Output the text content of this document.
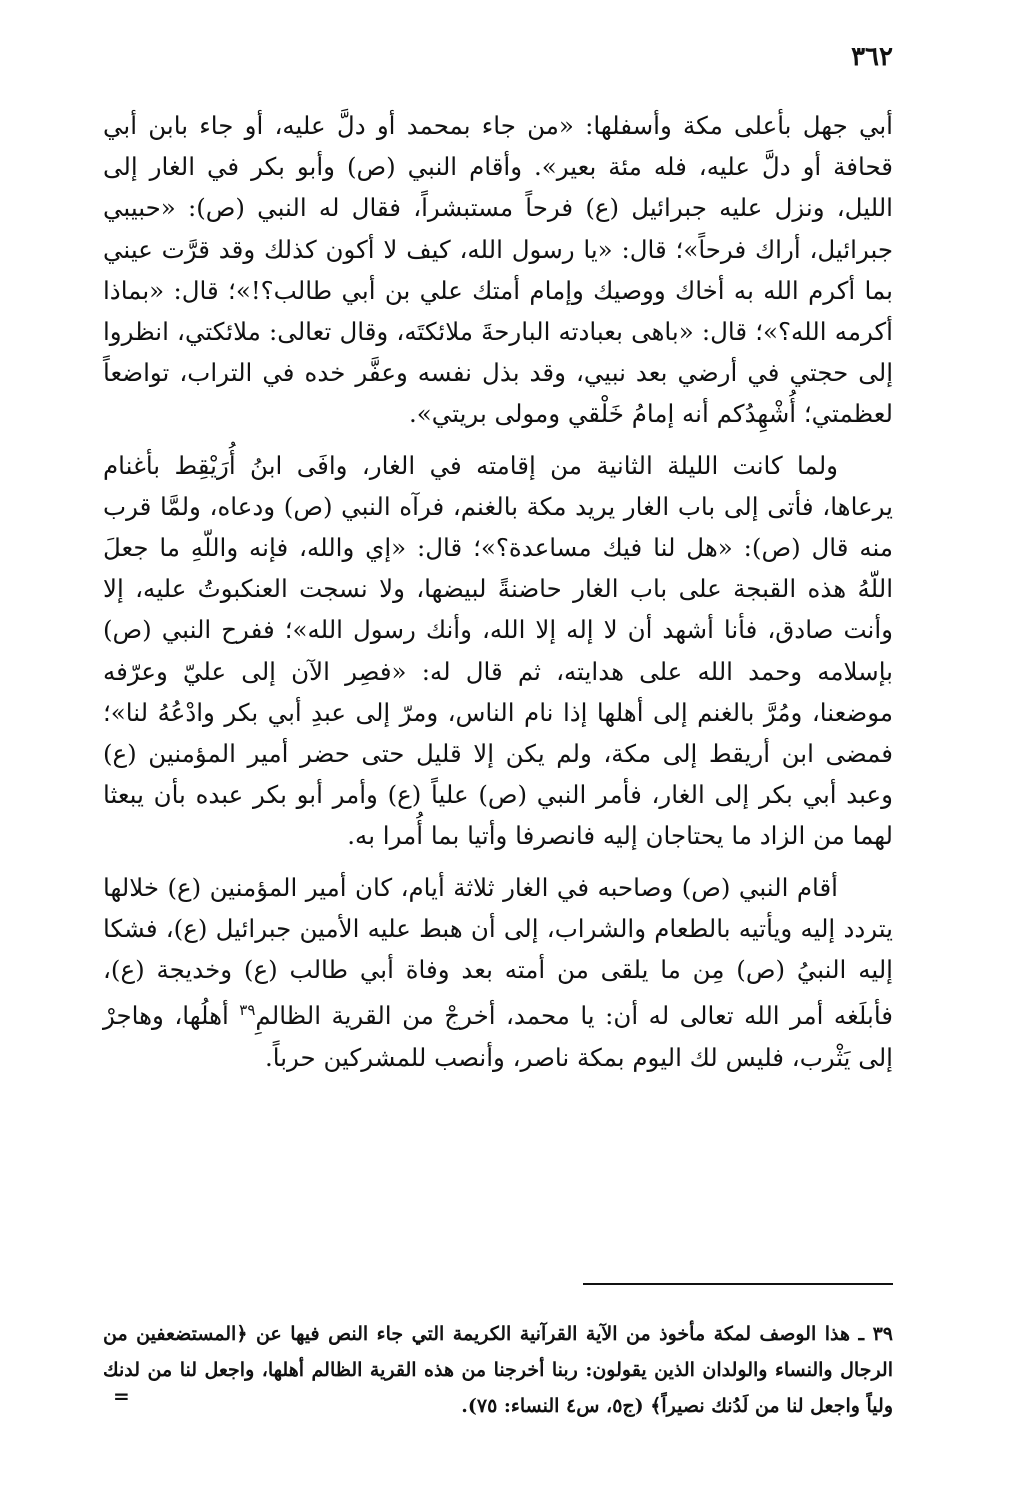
٣٦٢

أبي جهل بأعلى مكة وأسفلها: «من جاء بمحمد أو دلَّ عليه، أو جاء بابن أبي قحافة أو دلَّ عليه، فله مئة بعير». وأقام النبي (ص) وأبو بكر في الغار إلى الليل، ونزل عليه جبرائيل (ع) فرحاً مستبشراً، فقال له النبي (ص): «حبيبي جبرائيل، أراك فرحاً»؛ قال: «يا رسول الله، كيف لا أكون كذلك وقد قرَّت عيني بما أكرم الله به أخاك ووصيك وإمام أمتك علي بن أبي طالب؟!»؛ قال: «بماذا أكرمه الله؟»؛ قال: «باهى بعبادته البارحةَ ملائكتَه، وقال تعالى: ملائكتي، انظروا إلى حجتي في أرضي بعد نبيي، وقد بذل نفسه وعفَّر خده في التراب، تواضعاً لعظمتي؛ أُشْهِدُكم أنه إمامُ خَلْقي ومولى بريتي».

ولما كانت الليلة الثانية من إقامته في الغار، وافَى ابنُ أُرَيْقِط بأغنام يرعاها، فأتى إلى باب الغار يريد مكة بالغنم، فرآه النبي (ص) ودعاه، ولمَّا قرب منه قال (ص): «هل لنا فيك مساعدة؟»؛ قال: «إي والله، فإنه واللّهِ ما جعلَ اللّهُ هذه القبجة على باب الغار حاضنةً لبيضها، ولا نسجت العنكبوتُ عليه، إلا وأنت صادق، فأنا أشهد أن لا إله إلا الله، وأنك رسول الله»؛ ففرح النبي (ص) بإسلامه وحمد الله على هدايته، ثم قال له: «فصِر الآن إلى عليّ وعرّفه موضعنا، ومُرَّ بالغنم إلى أهلها إذا نام الناس، ومرّ إلى عبدِ أبي بكر وادْعُهُ لنا»؛ فمضى ابن أريقط إلى مكة، ولم يكن إلا قليل حتى حضر أمير المؤمنين (ع) وعبد أبي بكر إلى الغار، فأمر النبي (ص) علياً (ع) وأمر أبو بكر عبده بأن يبعثا لهما من الزاد ما يحتاجان إليه فانصرفا وأتيا بما أُمرا به.

أقام النبي (ص) وصاحبه في الغار ثلاثة أيام، كان أمير المؤمنين (ع) خلالها يتردد إليه ويأتيه بالطعام والشراب، إلى أن هبط عليه الأمين جبرائيل (ع)، فشكا إليه النبيُ (ص) مِن ما يلقى من أمته بعد وفاة أبي طالب (ع) وخديجة (ع)، فأبلَغه أمر الله تعالى له أن: يا محمد، أخرجْ من القرية الظالمِ$^{٣٩}$ أهلُها، وهاجرْ إلى يَثْرب، فليس لك اليوم بمكة ناصر، وأنصب للمشركين حرباً.

٣٩ ـ هذا الوصف لمكة مأخوذ من الآية القرآنية الكريمة التي جاء النص فيها عن ﴿المستضعفين من الرجال والنساء والولدان الذين يقولون: ربنا أخرجنا من هذه القرية الظالم أهلها، واجعل لنا من لدنك ولياً واجعل لنا من لَدُنك نصيراً﴾ (ج٥، س٤ النساء: ٧٥).

=
